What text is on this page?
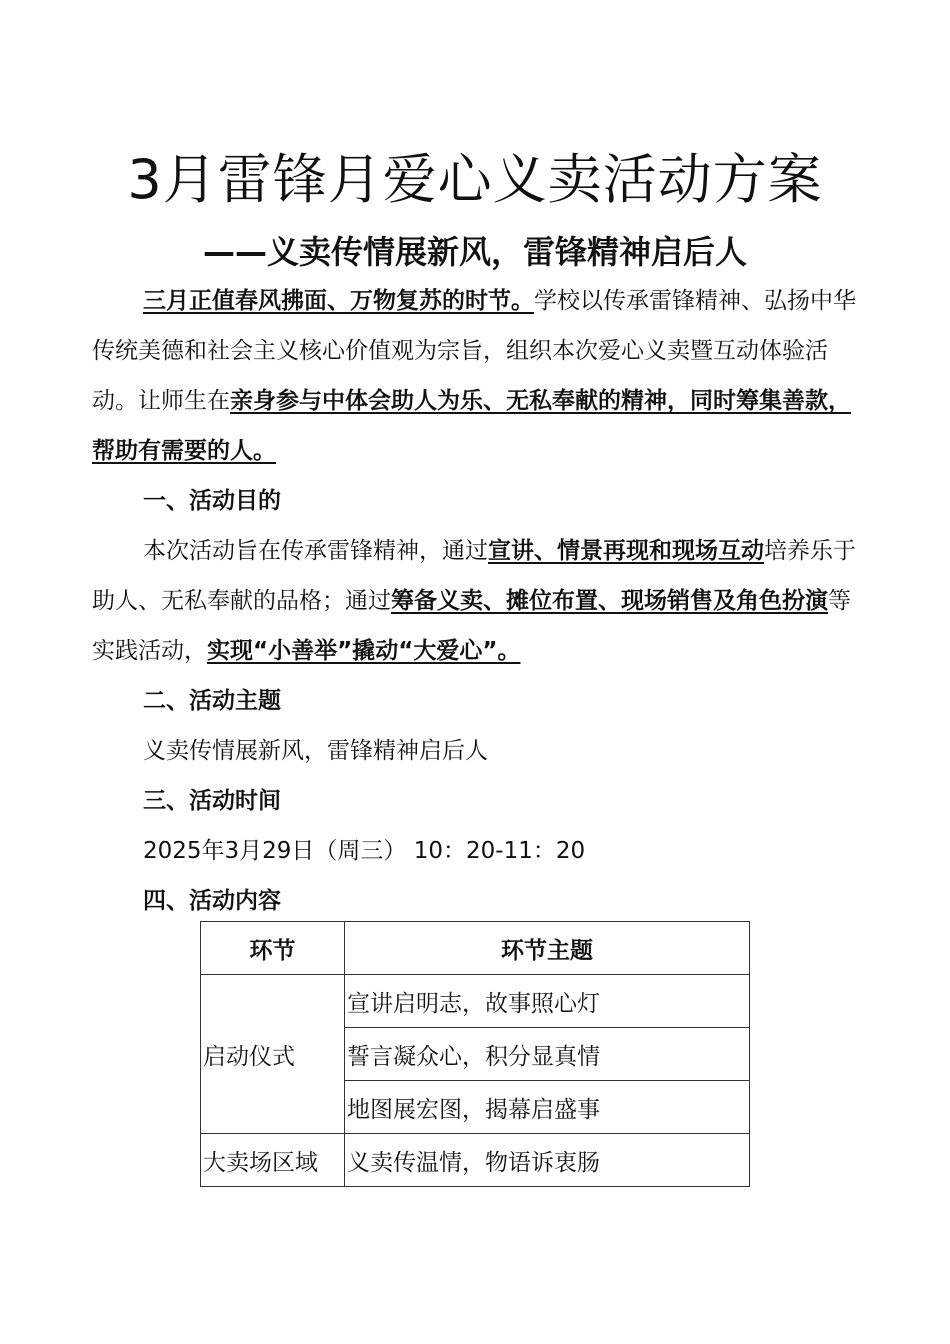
3月雷锋月爱心义卖活动方案
——义卖传情展新风，雷锋精神启后人

三月正值春风拂面、万物复苏的时节。学校以传承雷锋精神、弘扬中华传统美德和社会主义核心价值观为宗旨，组织本次爱心义卖暨互动体验活动。让师生在亲身参与中体会助人为乐、无私奉献的精神，同时筹集善款，帮助有需要的人。

一、活动目的

本次活动旨在传承雷锋精神，通过宣讲、情景再现和现场互动培养乐于助人、无私奉献的品格；通过筹备义卖、摊位布置、现场销售及角色扮演等实践活动，实现“小善举”撬动“大爱心”。

二、活动主题

义卖传情展新风，雷锋精神启后人

三、活动时间

2025年3月29日（周三） 10：20-11：20

四、活动内容

环节	环节主题
启动仪式	宣讲启明志，故事照心灯
	誓言凝众心，积分显真情
	地图展宏图，揭幕启盛事
大卖场区域	义卖传温情，物语诉衷肠
